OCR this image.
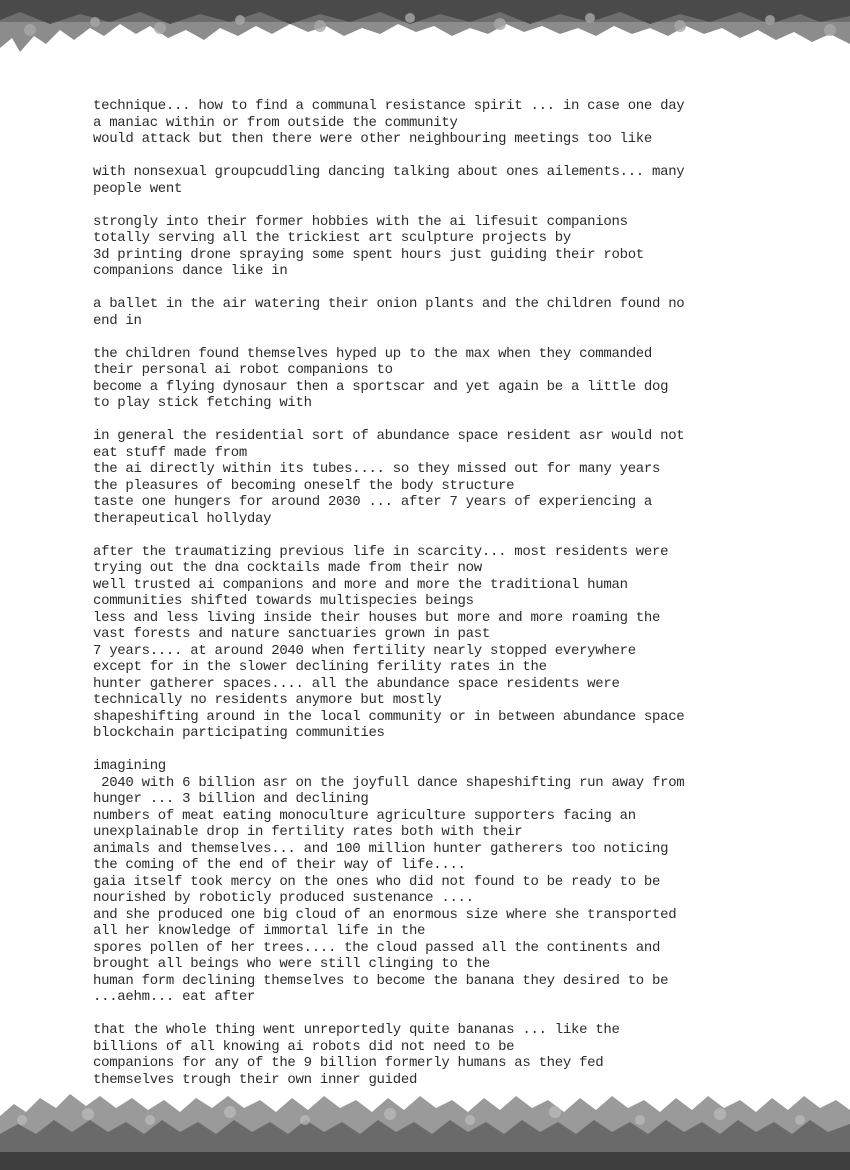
technique... how to find a communal resistance spirit ... in case one day
a maniac within or from outside the community
would attack but then there were other neighbouring meetings too like
with nonsexual groupcuddling dancing talking about ones ailements... many
people went
strongly into their former hobbies with the ai lifesuit companions
totally serving all the trickiest art sculpture projects by
3d printing drone spraying some spent hours just guiding their robot
companions dance like in
a ballet in the air watering their onion plants and the children found no
end in
the children found themselves hyped up to the max when they commanded
their personal ai robot companions to
become a flying dynosaur then a sportscar and yet again be a little dog
to play stick fetching with
in general the residential sort of abundance space resident asr would not
eat stuff made from
the ai directly within its tubes.... so they missed out for many years
the pleasures of becoming oneself the body structure
taste one hungers for around 2030 ... after 7 years of experiencing a
therapeutical hollyday
after the traumatizing previous life in scarcity... most residents were
trying out the dna cocktails made from their now
well trusted ai companions and more and more the traditional human
communities shifted towards multispecies beings
less and less living inside their houses but more and more roaming the
vast forests and nature sanctuaries grown in past
7 years.... at around 2040 when fertility nearly stopped everywhere
except for in the slower declining ferility rates in the
hunter gatherer spaces.... all the abundance space residents were
technically no residents anymore but mostly
shapeshifting around in the local community or in between abundance space
blockchain participating communities
imagining
2040 with 6 billion asr on the joyfull dance shapeshifting run away from
hunger ... 3 billion and declining
numbers of meat eating monoculture agriculture supporters facing an
unexplainable drop in fertility rates both with their
animals and themselves... and 100 million hunter gatherers too noticing
the coming of the end of their way of life....
gaia itself took mercy on the ones who did not found to be ready to be
nourished by roboticly produced sustenance ....
and she produced one big cloud of an enormous size where she transported
all her knowledge of immortal life in the
spores pollen of her trees.... the cloud passed all the continents and
brought all beings who were still clinging to the
human form declining themselves to become the banana they desired to be
...aehm... eat after
that the whole thing went unreportedly quite bananas ... like the
billions of all knowing ai robots did not need to be
companions for any of the 9 billion formerly humans as they fed
themselves trough their own inner guided
